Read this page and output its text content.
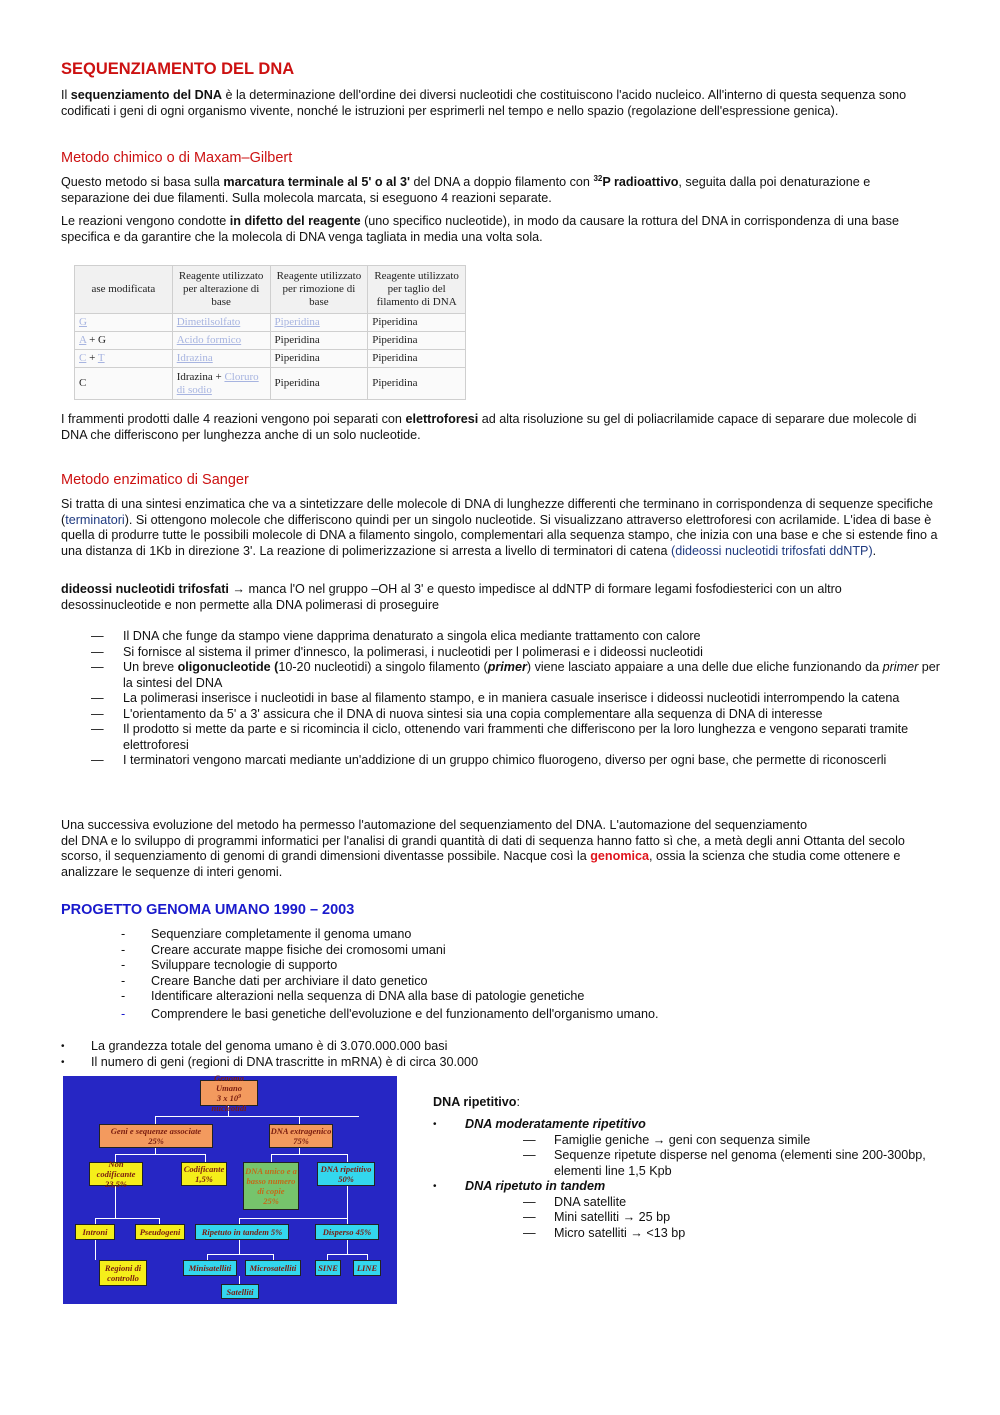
SEQUENZIAMENTO DEL DNA

Il sequenziamento del DNA è la determinazione dell'ordine dei diversi nucleotidi che costituiscono l'acido nucleico. All'interno di questa sequenza sono codificati i geni di ogni organismo vivente, nonché le istruzioni per esprimerli nel tempo e nello spazio (regolazione dell'espressione genica).

Metodo chimico o di Maxam–Gilbert

Questo metodo si basa sulla marcatura terminale al 5' o al 3' del DNA a doppio filamento con $^{32}$P radioattivo, seguita dalla poi denaturazione e separazione dei due filamenti. Sulla molecola marcata, si eseguono 4 reazioni separate.

Le reazioni vengono condotte in difetto del reagente (uno specifico nucleotide), in modo da causare la rottura del DNA in corrispondenza di una base specifica e da garantire che la molecola di DNA venga tagliata in media una volta sola.

ase modificata	Reagente utilizzato per alterazione di base	Reagente utilizzato per rimozione di base	Reagente utilizzato per taglio del filamento di DNA
G	Dimetilsolfato	Piperidina	Piperidina
A + G	Acido formico	Piperidina	Piperidina
C + T	Idrazina	Piperidina	Piperidina
C	Idrazina + Cloruro di sodio	Piperidina	Piperidina

I frammenti prodotti dalle 4 reazioni vengono poi separati con elettroforesi ad alta risoluzione su gel di poliacrilamide capace di separare due molecole di DNA che differiscono per lunghezza anche di un solo nucleotide.

Metodo enzimatico di Sanger

Si tratta di una sintesi enzimatica che va a sintetizzare delle molecole di DNA di lunghezze differenti che terminano in corrispondenza di sequenze specifiche (terminatori). Si ottengono molecole che differiscono quindi per un singolo nucleotide. Si visualizzano attraverso elettroforesi con acrilamide. L'idea di base è quella di produrre tutte le possibili molecole di DNA a filamento singolo, complementari alla sequenza stampo, che inizia con una base e che si estende fino a una distanza di 1Kb in direzione 3'. La reazione di polimerizzazione si arresta a livello di terminatori di catena (dideossi nucleotidi trifosfati ddNTP).

dideossi nucleotidi trifosfati → manca l'O nel gruppo –OH al 3' e questo impedisce al ddNTP di formare legami fosfodiesterici con un altro desossinucleotide e non permette alla DNA polimerasi di proseguire

— Il DNA che funge da stampo viene dapprima denaturato a singola elica mediante trattamento con calore
— Si fornisce al sistema il primer d'innesco, la polimerasi, i nucleotidi per l polimerasi e i dideossi nucleotidi
— Un breve oligonucleotide (10-20 nucleotidi) a singolo filamento (primer) viene lasciato appaiare a una delle due eliche funzionando da primer per la sintesi del DNA
— La polimerasi inserisce i nucleotidi in base al filamento stampo, e in maniera casuale inserisce i dideossi nucleotidi interrompendo la catena
— L'orientamento da 5' a 3' assicura che il DNA di nuova sintesi sia una copia complementare alla sequenza di DNA di interesse
— Il prodotto si mette da parte e si ricomincia il ciclo, ottenendo vari frammenti che differiscono per la loro lunghezza e vengono separati tramite elettroforesi
— I terminatori vengono marcati mediante un'addizione di un gruppo chimico fluorogeno, diverso per ogni base, che permette di riconoscerli

Una successiva evoluzione del metodo ha permesso l'automazione del sequenziamento del DNA. L'automazione del sequenziamento
del DNA e lo sviluppo di programmi informatici per l'analisi di grandi quantità di dati di sequenza hanno fatto sì che, a metà degli anni Ottanta del secolo scorso, il sequenziamento di genomi di grandi dimensioni diventasse possibile. Nacque così la genomica, ossia la scienza che studia come ottenere e analizzare le sequenze di interi genomi.

PROGETTO GENOMA UMANO 1990 – 2003
- Sequenziare completamente il genoma umano
- Creare accurate mappe fisiche dei cromosomi umani
- Sviluppare tecnologie di supporto
- Creare Banche dati per archiviare il dato genetico
- Identificare alterazioni nella sequenza di DNA alla base di patologie genetiche
- Comprendere le basi genetiche dell'evoluzione e del funzionamento dell'organismo umano.
• La grandezza totale del genoma umano è di 3.070.000.000 basi
• Il numero di geni (regioni di DNA trascritte in mRNA) è di circa 30.000
Genoma Umano
3 x $10^9$ nucleotidi
Geni e sequenze associate
25%
DNA extragenico
75%
Non codificante
23,5%
Codificante
1,5%
DNA unico e a basso numero di copie
25%
DNA ripetitivo
50%
Introni	Pseudogeni	Ripetuto in tandem 5%	Disperso 45%
Regioni di controllo
Minisatelliti Microsatelliti	SINE LINE
Satelliti

DNA ripetitivo:

• DNA moderatamente ripetitivo
— Famiglie geniche → geni con sequenza simile
— Sequenze ripetute disperse nel genoma (elementi sine 200-300bp, elementi line 1,5 Kpb
• DNA ripetuto in tandem
— DNA satellite
— Mini satelliti → 25 bp
— Micro satelliti → <13 bp
